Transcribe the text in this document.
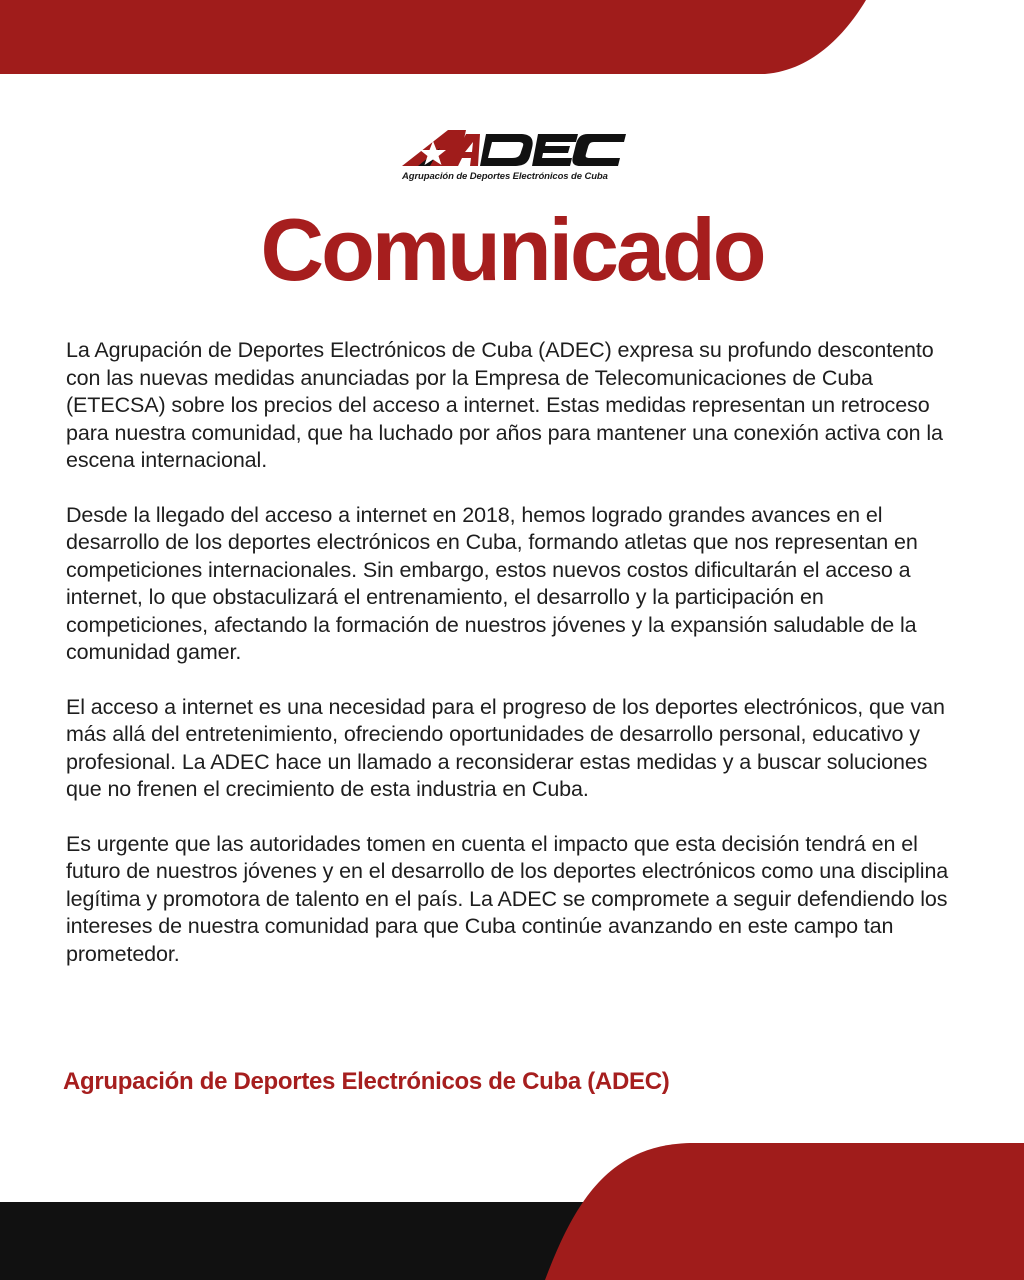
Agrupación de Deportes Electrónicos de Cuba
Comunicado

La Agrupación de Deportes Electrónicos de Cuba (ADEC) expresa su profundo descontento con las nuevas medidas anunciadas por la Empresa de Telecomunicaciones de Cuba (ETECSA) sobre los precios del acceso a internet. Estas medidas representan un retroceso para nuestra comunidad, que ha luchado por años para mantener una conexión activa con la escena internacional.

Desde la llegado del acceso a internet en 2018, hemos logrado grandes avances en el desarrollo de los deportes electrónicos en Cuba, formando atletas que nos representan en competiciones internacionales. Sin embargo, estos nuevos costos dificultarán el acceso a internet, lo que obstaculizará el entrenamiento, el desarrollo y la participación en competiciones, afectando la formación de nuestros jóvenes y la expansión saludable de la comunidad gamer.

El acceso a internet es una necesidad para el progreso de los deportes electrónicos, que van más allá del entretenimiento, ofreciendo oportunidades de desarrollo personal, educativo y profesional. La ADEC hace un llamado a reconsiderar estas medidas y a buscar soluciones que no frenen el crecimiento de esta industria en Cuba.

Es urgente que las autoridades tomen en cuenta el impacto que esta decisión tendrá en el futuro de nuestros jóvenes y en el desarrollo de los deportes electrónicos como una disciplina legítima y promotora de talento en el país. La ADEC se compromete a seguir defendiendo los intereses de nuestra comunidad para que Cuba continúe avanzando en este campo tan prometedor.

Agrupación de Deportes Electrónicos de Cuba (ADEC)
